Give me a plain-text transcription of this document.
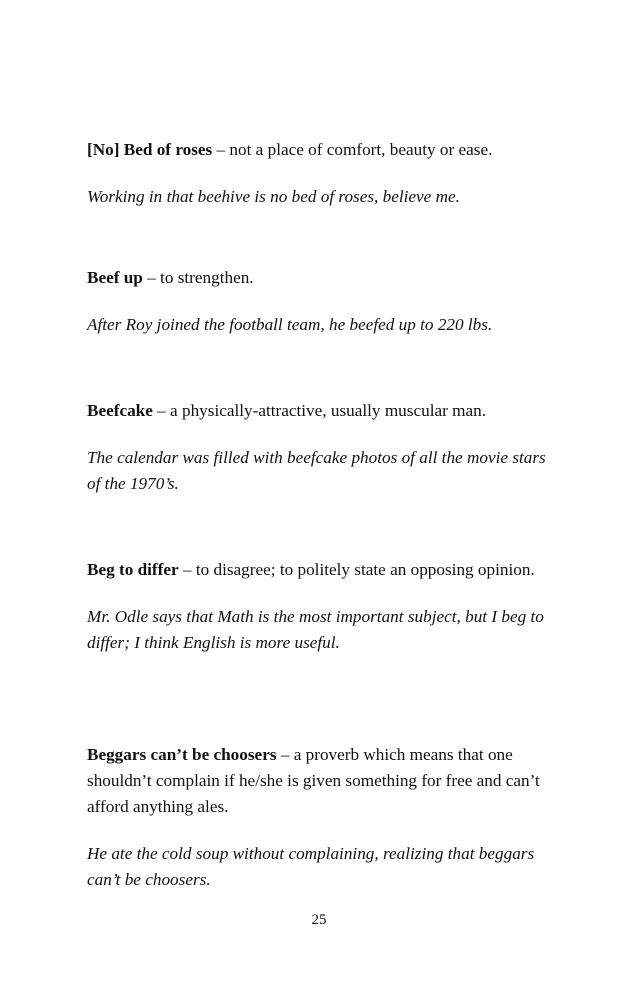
[No] Bed of roses – not a place of comfort, beauty or ease.

Working in that beehive is no bed of roses, believe me.

Beef up – to strengthen.

After Roy joined the football team, he beefed up to 220 lbs.

Beefcake – a physically-attractive, usually muscular man.

The calendar was filled with beefcake photos of all the movie stars of the 1970’s.

Beg to differ – to disagree; to politely state an opposing opinion.

Mr. Odle says that Math is the most important subject, but I beg to differ; I think English is more useful.

Beggars can’t be choosers – a proverb which means that one shouldn’t complain if he/she is given something for free and can’t afford anything ales.

He ate the cold soup without complaining, realizing that beggars can’t be choosers.

25
